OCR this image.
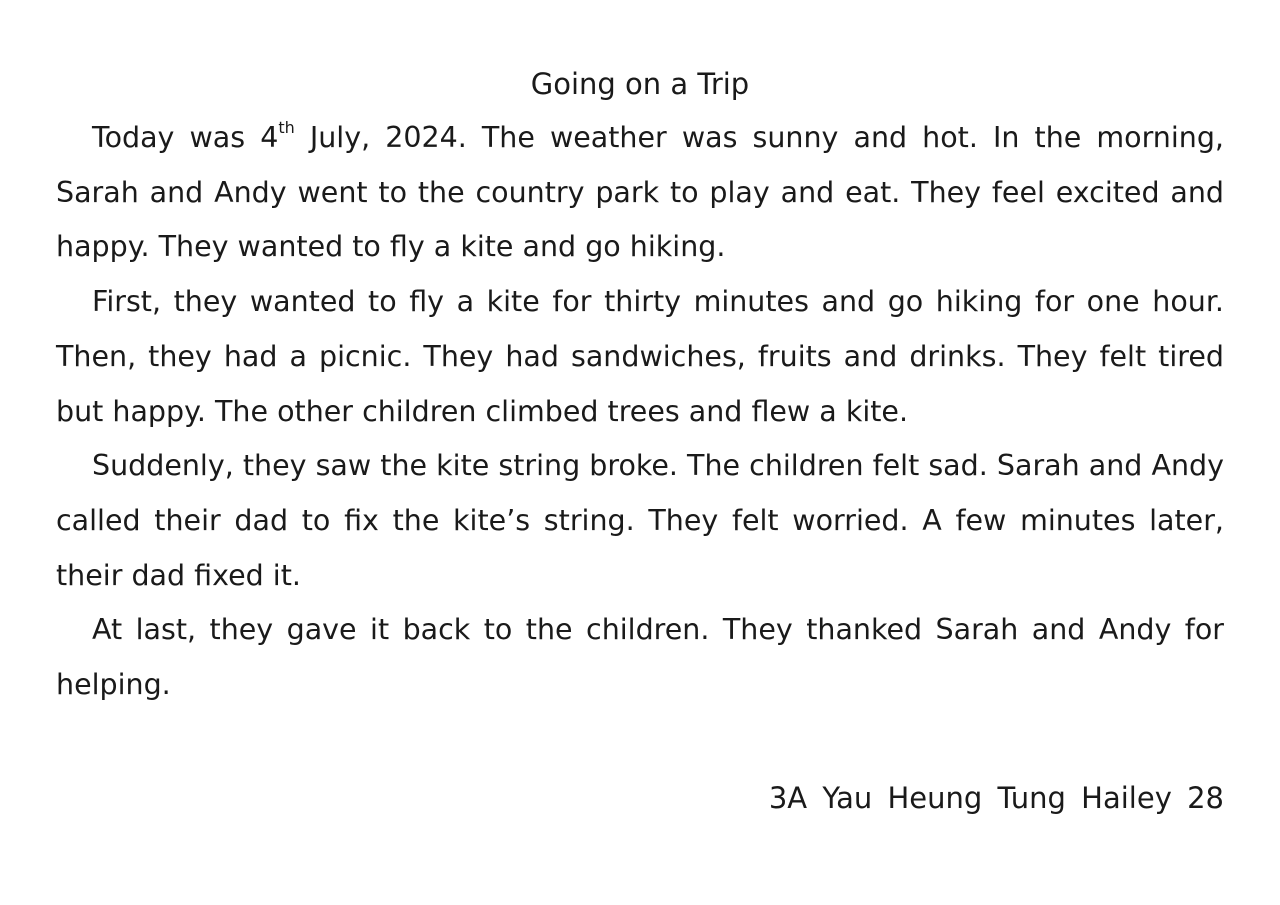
Going on a Trip

Today was 4th July, 2024. The weather was sunny and hot. In the morning, Sarah and Andy went to the country park to play and eat. They feel excited and happy. They wanted to fly a kite and go hiking.

First, they wanted to fly a kite for thirty minutes and go hiking for one hour. Then, they had a picnic. They had sandwiches, fruits and drinks. They felt tired but happy. The other children climbed trees and flew a kite.

Suddenly, they saw the kite string broke. The children felt sad. Sarah and Andy called their dad to fix the kite’s string. They felt worried. A few minutes later, their dad fixed it.

At last, they gave it back to the children. They thanked Sarah and Andy for helping.

3A Yau Heung Tung Hailey 28
